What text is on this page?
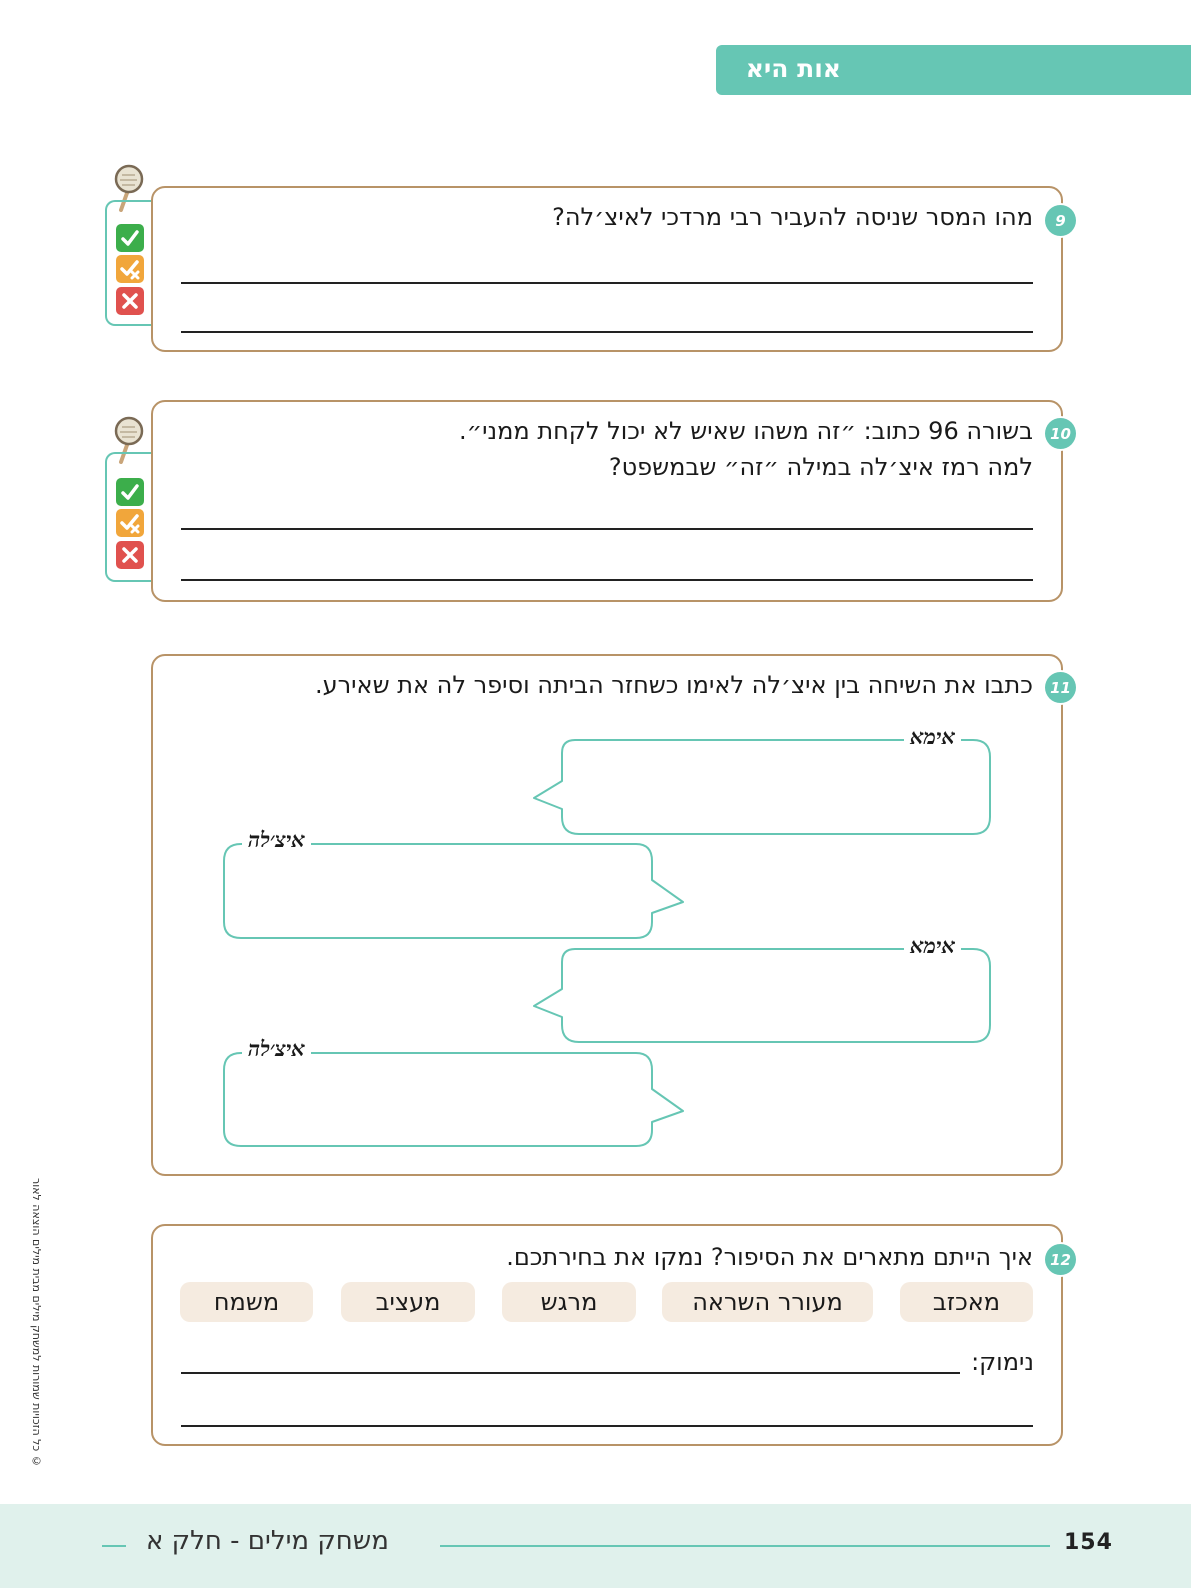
אות היא
9
מהו המסר שניסה להעביר רבי מרדכי לאיצ׳לה?
10
בשורה 96 כתוב: ״זה משהו שאיש לא יכול לקחת ממני״.
למה רמז איצ׳לה במילה ״זה״ שבמשפט?
11
כתבו את השיחה בין איצ׳לה לאימו כשחזר הביתה וסיפר לה את שאירע.
אימא
איצ׳לה
אימא
איצ׳לה
12
איך הייתם מתארים את הסיפור? נמקו את בחירתכם.
נימוק:
מאכזב
מעורר השראה
מרגש
מעציב
משמח
© כל הזכויות שמורות למשחק מילים מבית מילים הוצאה לאור
משחק מילים - חלק א	154
